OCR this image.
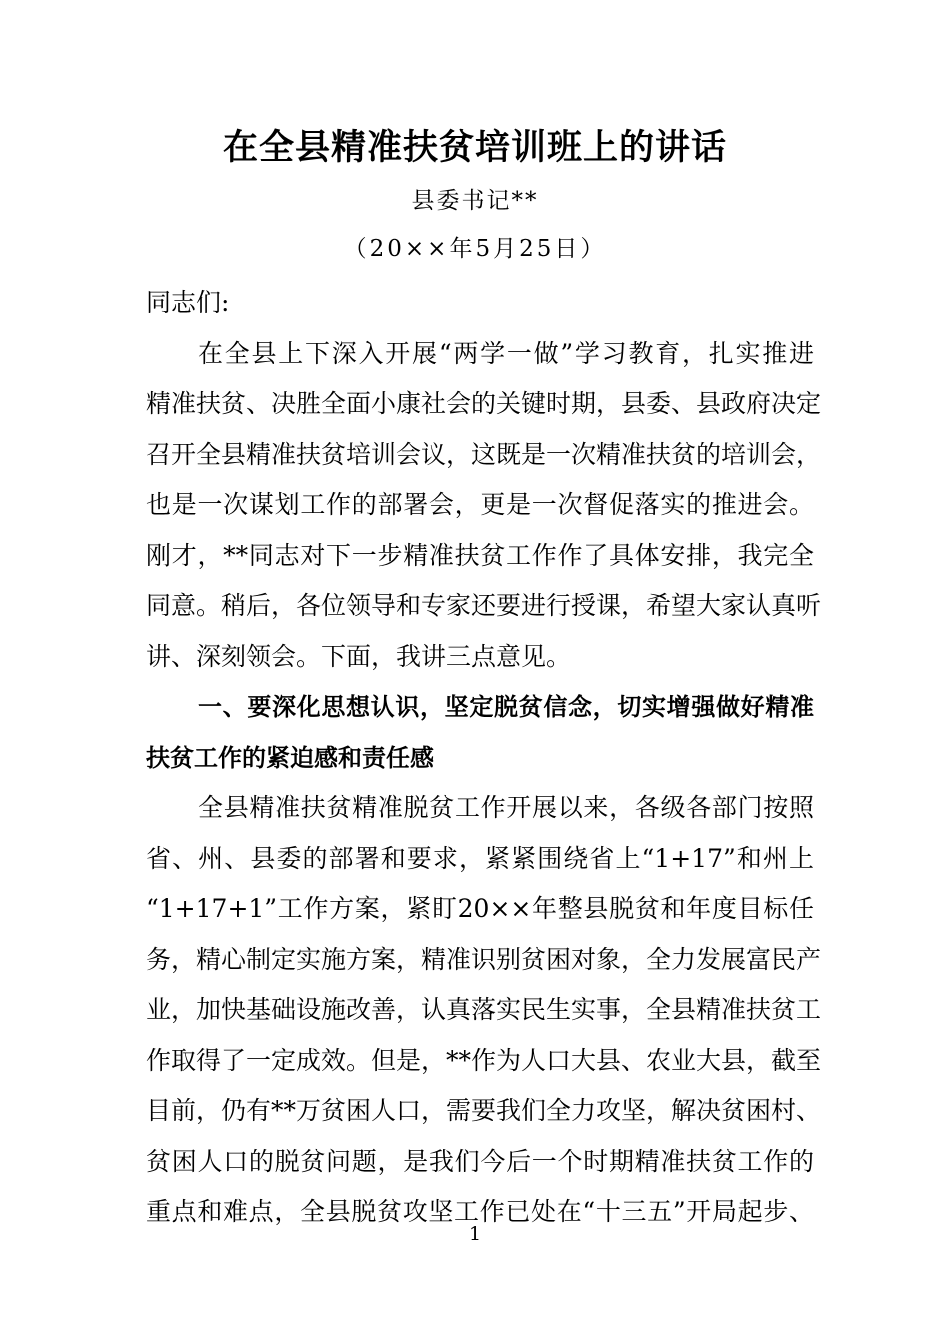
在全县精准扶贫培训班上的讲话
县委书记**
（20××年5月25日）
同志们:
在全县上下深入开展“两学一做”学习教育，扎实推进
精准扶贫、决胜全面小康社会的关键时期，县委、县政府决定
召开全县精准扶贫培训会议，这既是一次精准扶贫的培训会，
也是一次谋划工作的部署会，更是一次督促落实的推进会。
刚才，**同志对下一步精准扶贫工作作了具体安排，我完全
同意。稍后，各位领导和专家还要进行授课，希望大家认真听
讲、深刻领会。下面，我讲三点意见。
一、要深化思想认识，坚定脱贫信念，切实增强做好精准
扶贫工作的紧迫感和责任感
全县精准扶贫精准脱贫工作开展以来，各级各部门按照
省、州、县委的部署和要求，紧紧围绕省上“1+17”和州上
“1+17+1”工作方案，紧盯20××年整县脱贫和年度目标任
务，精心制定实施方案，精准识别贫困对象，全力发展富民产
业，加快基础设施改善，认真落实民生实事，全县精准扶贫工
作取得了一定成效。但是，**作为人口大县、农业大县，截至
目前，仍有**万贫困人口，需要我们全力攻坚，解决贫困村、
贫困人口的脱贫问题，是我们今后一个时期精准扶贫工作的
重点和难点，全县脱贫攻坚工作已处在“十三五”开局起步、
1
